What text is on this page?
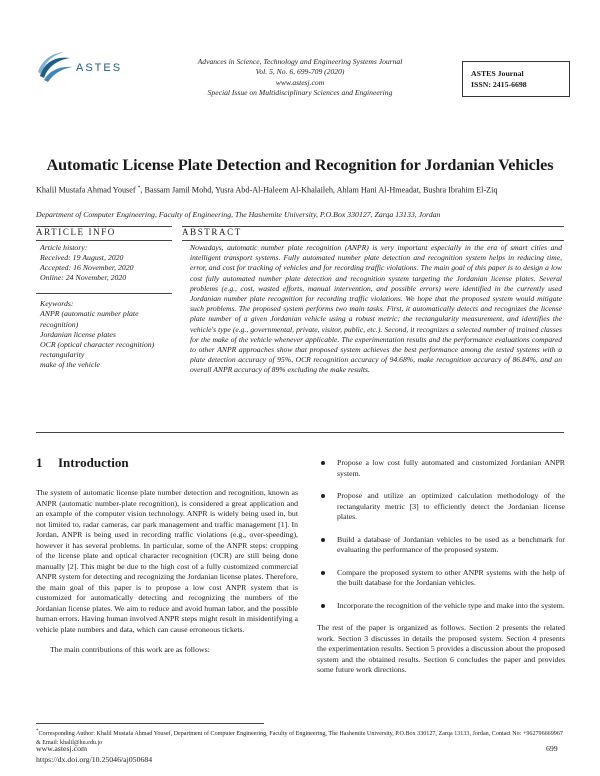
ASTES
Advances in Science, Technology and Engineering Systems Journal
Vol. 5, No. 6, 699-709 (2020)
www.astesj.com
Special Issue on Multidisciplinary Sciences and Engineering
ASTES Journal
ISSN: 2415-6698
Automatic License Plate Detection and Recognition for Jordanian Vehicles
Khalil Mustafa Ahmad Yousef *, Bassam Jamil Mohd, Yusra Abd-Al-Haleem Al-Khalaileh, Ahlam Hani Al-Hmeadat, Bushra Ibrahim El-Ziq
Department of Computer Engineering, Faculty of Engineering, The Hashemite University, P.O.Box 330127, Zarqa 13133, Jordan
ARTICLE INFO	ABSTRACT
Article history:
Received: 19 August, 2020
Accepted: 16 November, 2020
Online: 24 November, 2020
Keywords:
ANPR (automatic number plate recognition)
Jordanian license plates
OCR (optical character recognition)
rectangularity
make of the vehicle
Nowadays, automatic number plate recognition (ANPR) is very important especially in the era of smart cities and intelligent transport systems. Fully automated number plate detection and recognition system helps in reducing time, error, and cost for tracking of vehicles and for recording traffic violations. The main goal of this paper is to design a low cost fully automated number plate detection and recognition system targeting the Jordanian license plates. Several problems (e.g., cost, wasted efforts, manual intervention, and possible errors) were identified in the currently used Jordanian number plate recognition for recording traffic violations. We hope that the proposed system would mitigate such problems. The proposed system performs two main tasks. First, it automatically detects and recognizes the license plate number of a given Jordanian vehicle using a robust metric; the rectangularity measurement, and identifies the vehicle's type (e.g., governmental, private, visitor, public, etc.). Second, it recognizes a selected number of trained classes for the make of the vehicle whenever applicable. The experimentation results and the performance evaluations compared to other ANPR approaches show that proposed system achieves the best performance among the tested systems with a plate detection accuracy of 95%, OCR recognition accuracy of 94.68%, make recognition accuracy of 86.84%, and an overall ANPR accuracy of 89% excluding the make results.
1 Introduction

The system of automatic license plate number detection and recognition, known as ANPR (automatic number-plate recognition), is considered a great application and an example of the computer vision technology. ANPR is widely being used in, but not limited to, radar cameras, car park management and traffic management [1]. In Jordan, ANPR is being used in recording traffic violations (e.g., over-speeding), however it has several problems. In particular, some of the ANPR steps: cropping of the license plate and optical character recognition (OCR) are still being done manually [2]. This might be due to the high cost of a fully customized commercial ANPR system for detecting and recognizing the Jordanian license plates. Therefore, the main goal of this paper is to propose a low cost ANPR system that is customized for automatically detecting and recognizing the numbers of the Jordanian license plates. We aim to reduce and avoid human labor, and the possible human errors. Having human involved ANPR steps might result in misidentifying a vehicle plate numbers and data, which can cause erroneous tickets.

The main contributions of this work are as follows:

Propose a low cost fully automated and customized Jordanian ANPR system.
Propose and utilize an optimized calculation methodology of the rectangularity metric [3] to efficiently detect the Jordanian license plates.
Build a database of Jordanian vehicles to be used as a benchmark for evaluating the performance of the proposed system.
Compare the proposed system to other ANPR systems with the help of the built database for the Jordanian vehicles.
Incorporate the recognition of the vehicle type and make into the system.

The rest of the paper is organized as follows. Section 2 presents the related work. Section 3 discusses in details the proposed system. Section 4 presents the experimentation results. Section 5 provides a discussion about the proposed system and the obtained results. Section 6 concludes the paper and provides some future work directions.

*Corresponding Author: Khalil Mustafa Ahmad Yousef, Department of Computer Engineering, Faculty of Engineering, The Hashemite University, P.O.Box 330127, Zarqa 13133, Jordan, Contact No: +962796669967 & Email: khalil@hu.edu.jo
www.astesj.com
https://dx.doi.org/10.25046/aj050684
699
